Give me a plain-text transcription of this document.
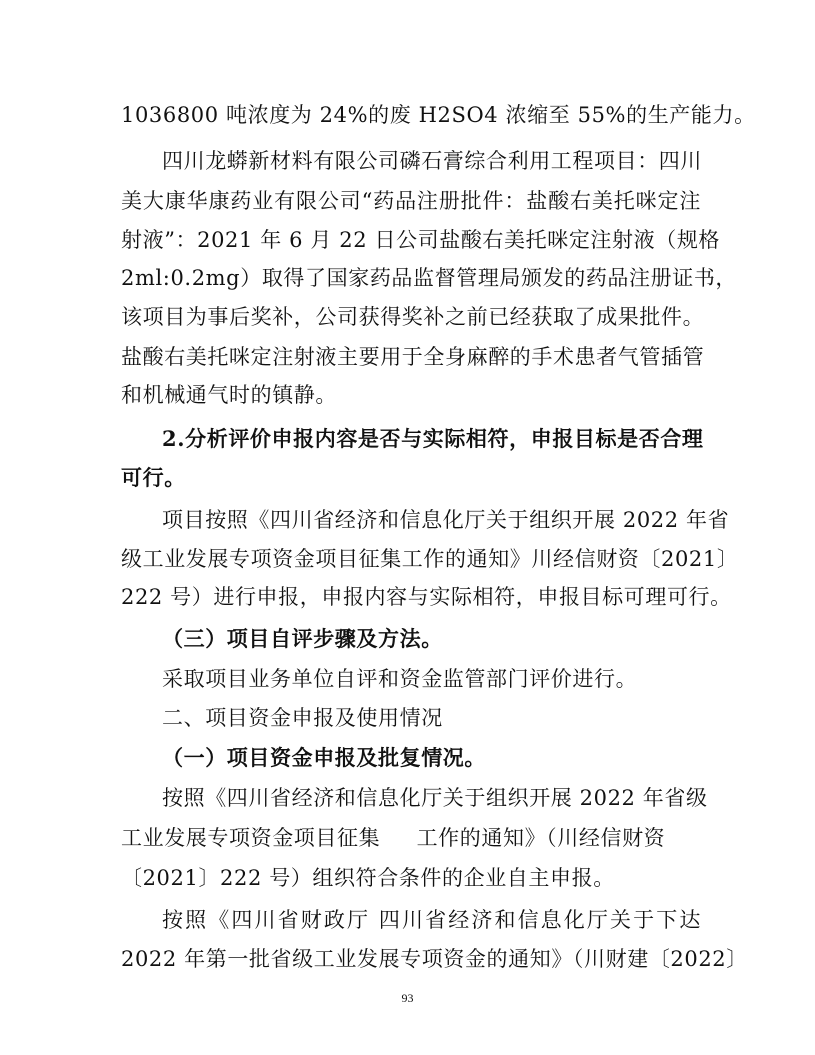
1036800 吨浓度为 24%的废 H2SO4 浓缩至 55%的生产能力。
四川龙蟒新材料有限公司磷石膏综合利用工程项目：四川
美大康华康药业有限公司“药品注册批件：盐酸右美托咪定注
射液”：2021 年 6 月 22 日公司盐酸右美托咪定注射液（规格
2ml:0.2mg）取得了国家药品监督管理局颁发的药品注册证书，
该项目为事后奖补，公司获得奖补之前已经获取了成果批件。
盐酸右美托咪定注射液主要用于全身麻醉的手术患者气管插管
和机械通气时的镇静。
2.分析评价申报内容是否与实际相符，申报目标是否合理
可行。
项目按照《四川省经济和信息化厅关于组织开展 2022 年省
级工业发展专项资金项目征集工作的通知》川经信财资〔2021〕
222 号）进行申报，申报内容与实际相符，申报目标可理可行。
（三）项目自评步骤及方法。
采取项目业务单位自评和资金监管部门评价进行。
二、项目资金申报及使用情况
（一）项目资金申报及批复情况。
按照《四川省经济和信息化厅关于组织开展 2022 年省级
工业发展专项资金项目征集     工作的通知》（川经信财资
〔2021〕222 号）组织符合条件的企业自主申报。
按照《四川省财政厅 四川省经济和信息化厅关于下达
2022 年第一批省级工业发展专项资金的通知》（川财建〔2022〕
93
